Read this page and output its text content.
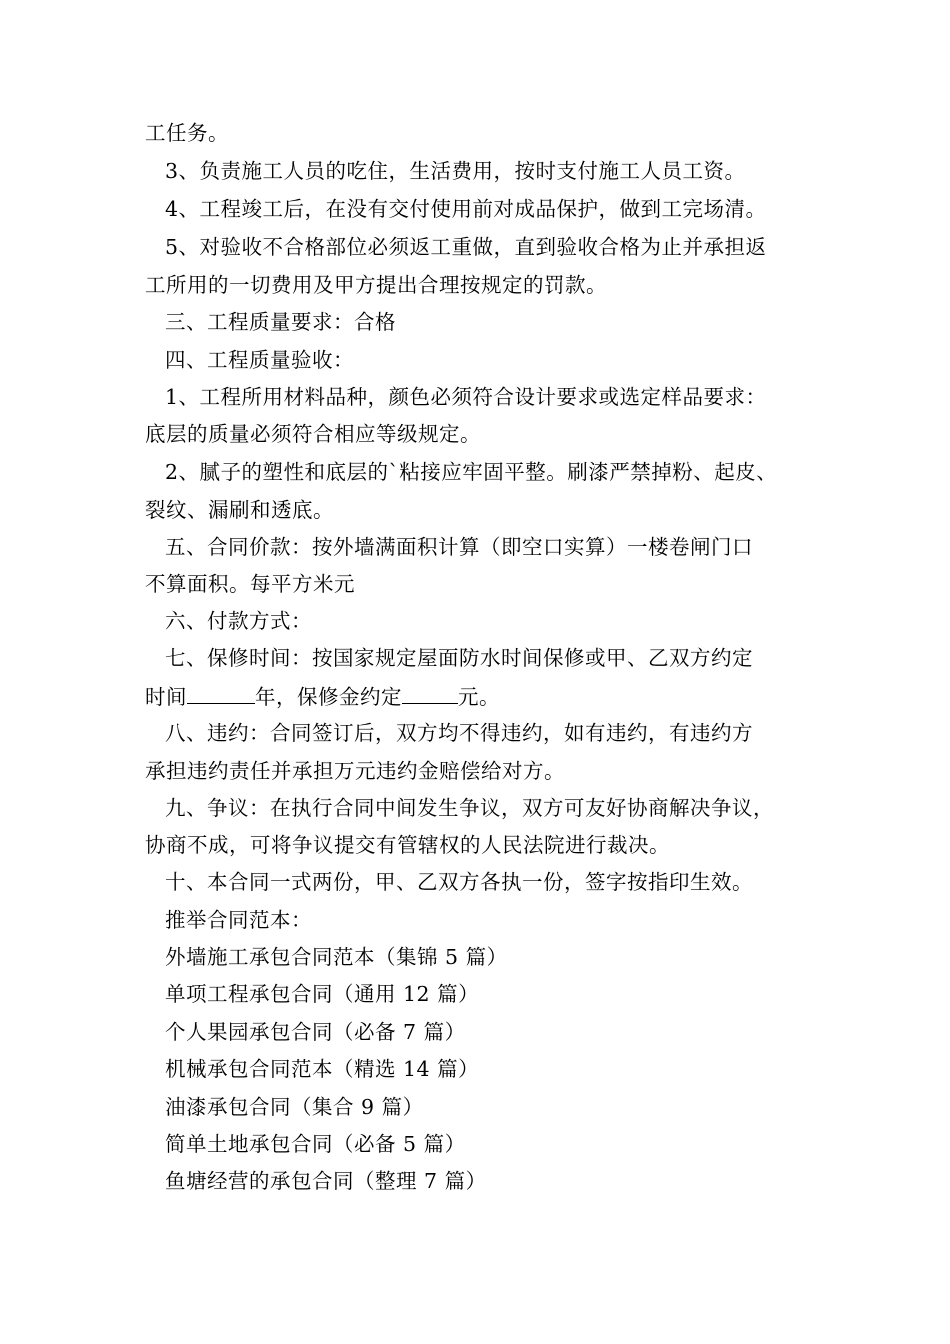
工任务。
3、负责施工人员的吃住，生活费用，按时支付施工人员工资。
4、工程竣工后，在没有交付使用前对成品保护，做到工完场清。
5、对验收不合格部位必须返工重做，直到验收合格为止并承担返
工所用的一切费用及甲方提出合理按规定的罚款。
三、工程质量要求：合格
四、工程质量验收：
1、工程所用材料品种，颜色必须符合设计要求或选定样品要求：
底层的质量必须符合相应等级规定。
2、腻子的塑性和底层的`粘接应牢固平整。刷漆严禁掉粉、起皮、
裂纹、漏刷和透底。
五、合同价款：按外墙满面积计算（即空口实算）一楼卷闸门口
不算面积。每平方米元
六、付款方式：
七、保修时间：按国家规定屋面防水时间保修或甲、乙双方约定
时间	年，保修金约定	元。
八、违约：合同签订后，双方均不得违约，如有违约，有违约方
承担违约责任并承担万元违约金赔偿给对方。
九、争议：在执行合同中间发生争议，双方可友好协商解决争议，
协商不成，可将争议提交有管辖权的人民法院进行裁决。
十、本合同一式两份，甲、乙双方各执一份，签字按指印生效。
推举合同范本：
外墙施工承包合同范本（集锦 5 篇）
单项工程承包合同（通用 12 篇）
个人果园承包合同（必备 7 篇）
机械承包合同范本（精选 14 篇）
油漆承包合同（集合 9 篇）
简单土地承包合同（必备 5 篇）
鱼塘经营的承包合同（整理 7 篇）
